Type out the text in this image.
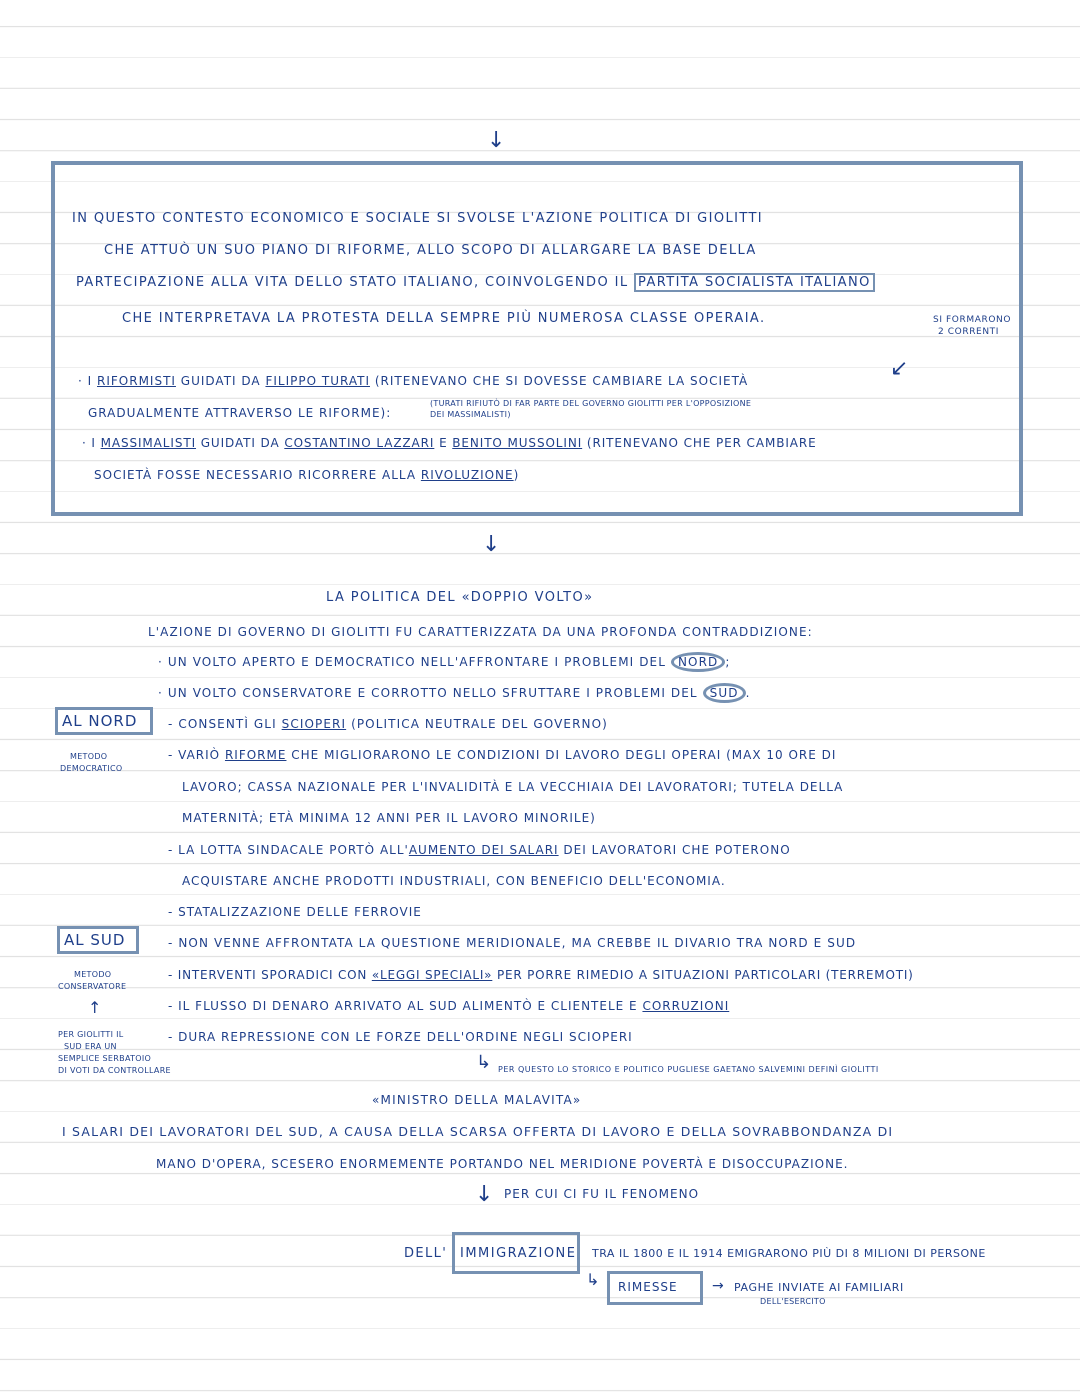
↓
IN QUESTO CONTESTO ECONOMICO E SOCIALE SI SVOLSE L'AZIONE POLITICA DI GIOLITTI
CHE ATTUÒ UN SUO PIANO DI RIFORME, ALLO SCOPO DI ALLARGARE LA BASE DELLA
PARTECIPAZIONE ALLA VITA DELLO STATO ITALIANO, COINVOLGENDO IL PARTITA SOCIALISTA ITALIANO
CHE INTERPRETAVA LA PROTESTA DELLA SEMPRE PIÙ NUMEROSA CLASSE OPERAIA.	SI FORMARONO
2 CORRENTI
↙
· I RIFORMISTI GUIDATI DA FILIPPO TURATI (RITENEVANO CHE SI DOVESSE CAMBIARE LA SOCIETÀ
GRADUALMENTE ATTRAVERSO LE RIFORME):
(TURATI RIFIUTÒ DI FAR PARTE DEL GOVERNO GIOLITTI PER L'OPPOSIZIONE
DEI MASSIMALISTI)
· I MASSIMALISTI GUIDATI DA COSTANTINO LAZZARI E BENITO MUSSOLINI (RITENEVANO CHE PER CAMBIARE
SOCIETÀ FOSSE NECESSARIO RICORRERE ALLA RIVOLUZIONE)
↓
LA POLITICA DEL «DOPPIO VOLTO»
L'AZIONE DI GOVERNO DI GIOLITTI FU CARATTERIZZATA DA UNA PROFONDA CONTRADDIZIONE:
· UN VOLTO APERTO E DEMOCRATICO NELL'AFFRONTARE I PROBLEMI DEL NORD ;
· UN VOLTO CONSERVATORE E CORROTTO NELLO SFRUTTARE I PROBLEMI DEL SUD .
AL NORD
METODO
DEMOCRATICO
- CONSENTÌ GLI SCIOPERI (POLITICA NEUTRALE DEL GOVERNO)
- VARIÒ RIFORME CHE MIGLIORARONO LE CONDIZIONI DI LAVORO DEGLI OPERAI (MAX 10 ORE DI
LAVORO; CASSA NAZIONALE PER L'INVALIDITÀ E LA VECCHIAIA DEI LAVORATORI; TUTELA DELLA
MATERNITÀ; ETÀ MINIMA 12 ANNI PER IL LAVORO MINORILE)
- LA LOTTA SINDACALE PORTÒ ALL'AUMENTO DEI SALARI DEI LAVORATORI CHE POTERONO
ACQUISTARE ANCHE PRODOTTI INDUSTRIALI, CON BENEFICIO DELL'ECONOMIA.
- STATALIZZAZIONE DELLE FERROVIE
AL SUD
METODO
CONSERVATORE
↑
PER GIOLITTI IL
SUD ERA UN
SEMPLICE SERBATOIO
DI VOTI DA CONTROLLARE
- NON VENNE AFFRONTATA LA QUESTIONE MERIDIONALE, MA CREBBE IL DIVARIO TRA NORD E SUD
- INTERVENTI SPORADICI CON «LEGGI SPECIALI» PER PORRE RIMEDIO A SITUAZIONI PARTICOLARI (TERREMOTI)
- IL FLUSSO DI DENARO ARRIVATO AL SUD ALIMENTÒ E CLIENTELE E CORRUZIONI
- DURA REPRESSIONE CON LE FORZE DELL'ORDINE NEGLI SCIOPERI
↳ PER QUESTO LO STORICO E POLITICO PUGLIESE GAETANO SALVEMINI DEFINÌ GIOLITTI
«MINISTRO DELLA MALAVITA»
I SALARI DEI LAVORATORI DEL SUD, A CAUSA DELLA SCARSA OFFERTA DI LAVORO E DELLA SOVRABBONDANZA DI
MANO D'OPERA, SCESERO ENORMEMENTE PORTANDO NEL MERIDIONE POVERTÀ E DISOCCUPAZIONE.
↓ PER CUI CI FU IL FENOMENO
DELL' IMMIGRAZIONE	TRA IL 1800 E IL 1914 EMIGRARONO PIÙ DI 8 MILIONI DI PERSONE
↳	RIMESSE	→ PAGHE INVIATE AI FAMILIARI
DELL'ESERCITO
